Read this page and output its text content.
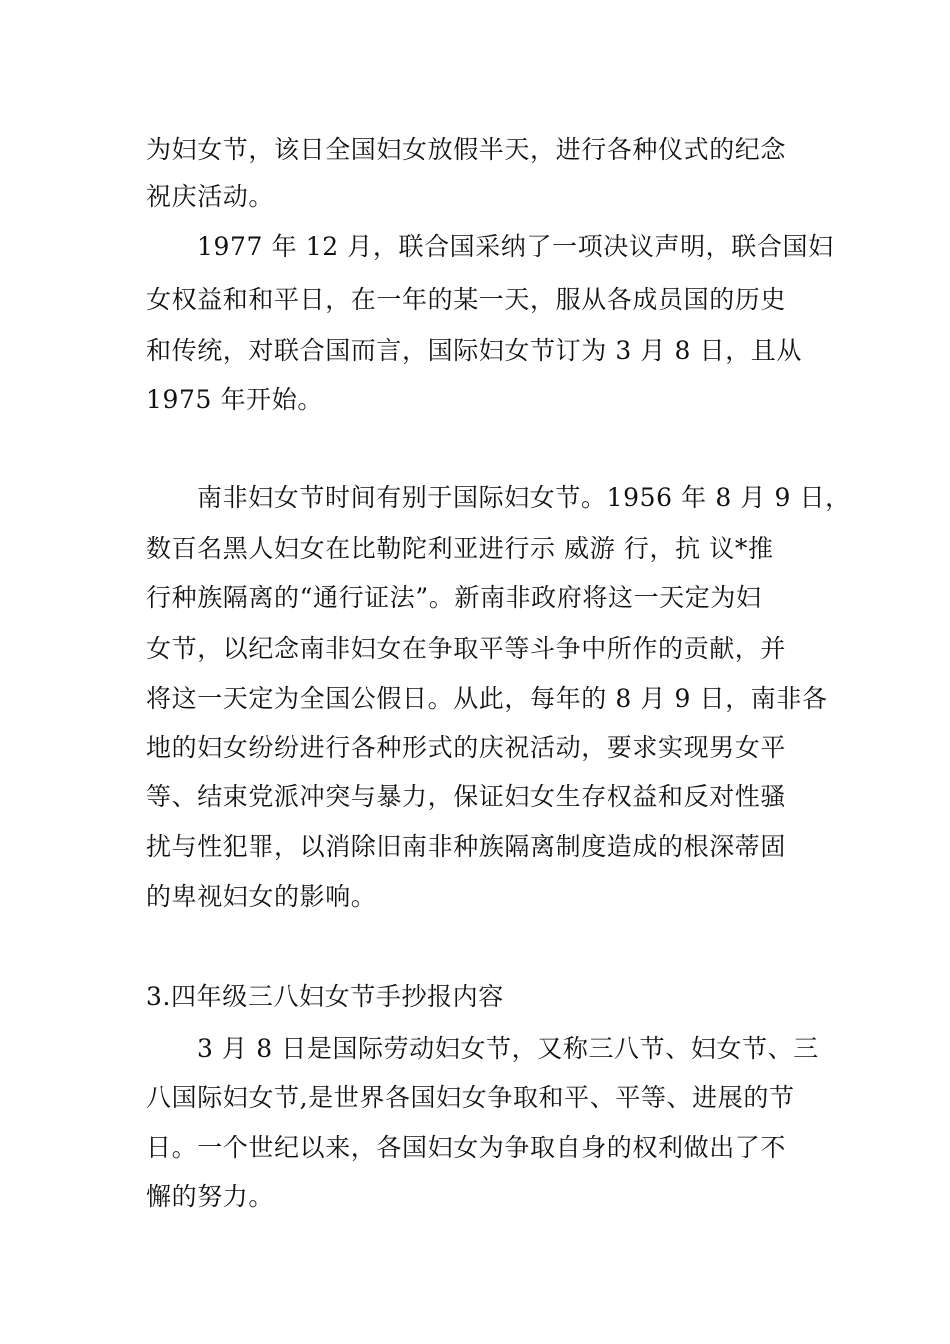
为妇女节，该日全国妇女放假半天，进行各种仪式的纪念
祝庆活动。
1977 年 12 月，联合国采纳了一项决议声明，联合国妇
女权益和和平日，在一年的某一天，服从各成员国的历史
和传统，对联合国而言，国际妇女节订为 3 月 8 日，且从
1975 年开始。
南非妇女节时间有别于国际妇女节。1956 年 8 月 9 日，
数百名黑人妇女在比勒陀利亚进行示 威游 行，抗 议*推
行种族隔离的“通行证法”。新南非政府将这一天定为妇
女节，以纪念南非妇女在争取平等斗争中所作的贡献，并
将这一天定为全国公假日。从此，每年的 8 月 9 日，南非各
地的妇女纷纷进行各种形式的庆祝活动，要求实现男女平
等、结束党派冲突与暴力，保证妇女生存权益和反对性骚
扰与性犯罪，以消除旧南非种族隔离制度造成的根深蒂固
的卑视妇女的影响。
3.四年级三八妇女节手抄报内容
3 月 8 日是国际劳动妇女节，又称三八节、妇女节、三
八国际妇女节,是世界各国妇女争取和平、平等、进展的节
日。一个世纪以来，各国妇女为争取自身的权利做出了不
懈的努力。
